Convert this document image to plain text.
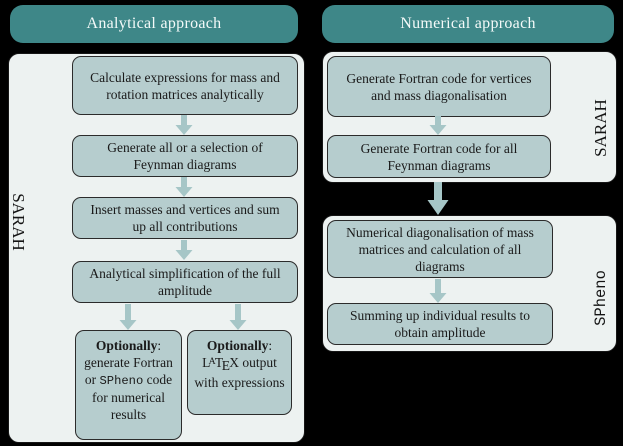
Analytical approach	Numerical approach
SARAH
SARAH
SPheno
Calculate expressions for mass and rotation matrices analytically
Generate all or a selection of Feynman diagrams
Insert masses and vertices and sum up all contributions
Analytical simplification of the full amplitude
Optionally: generate Fortran or SPheno code for numerical results
Optionally: $L^ATEX$ output with expressions
Generate Fortran code for vertices and mass diagonalisation
Generate Fortran code for all Feynman diagrams
Numerical diagonalisation of mass matrices and calculation of all diagrams
Summing up individual results to obtain amplitude
